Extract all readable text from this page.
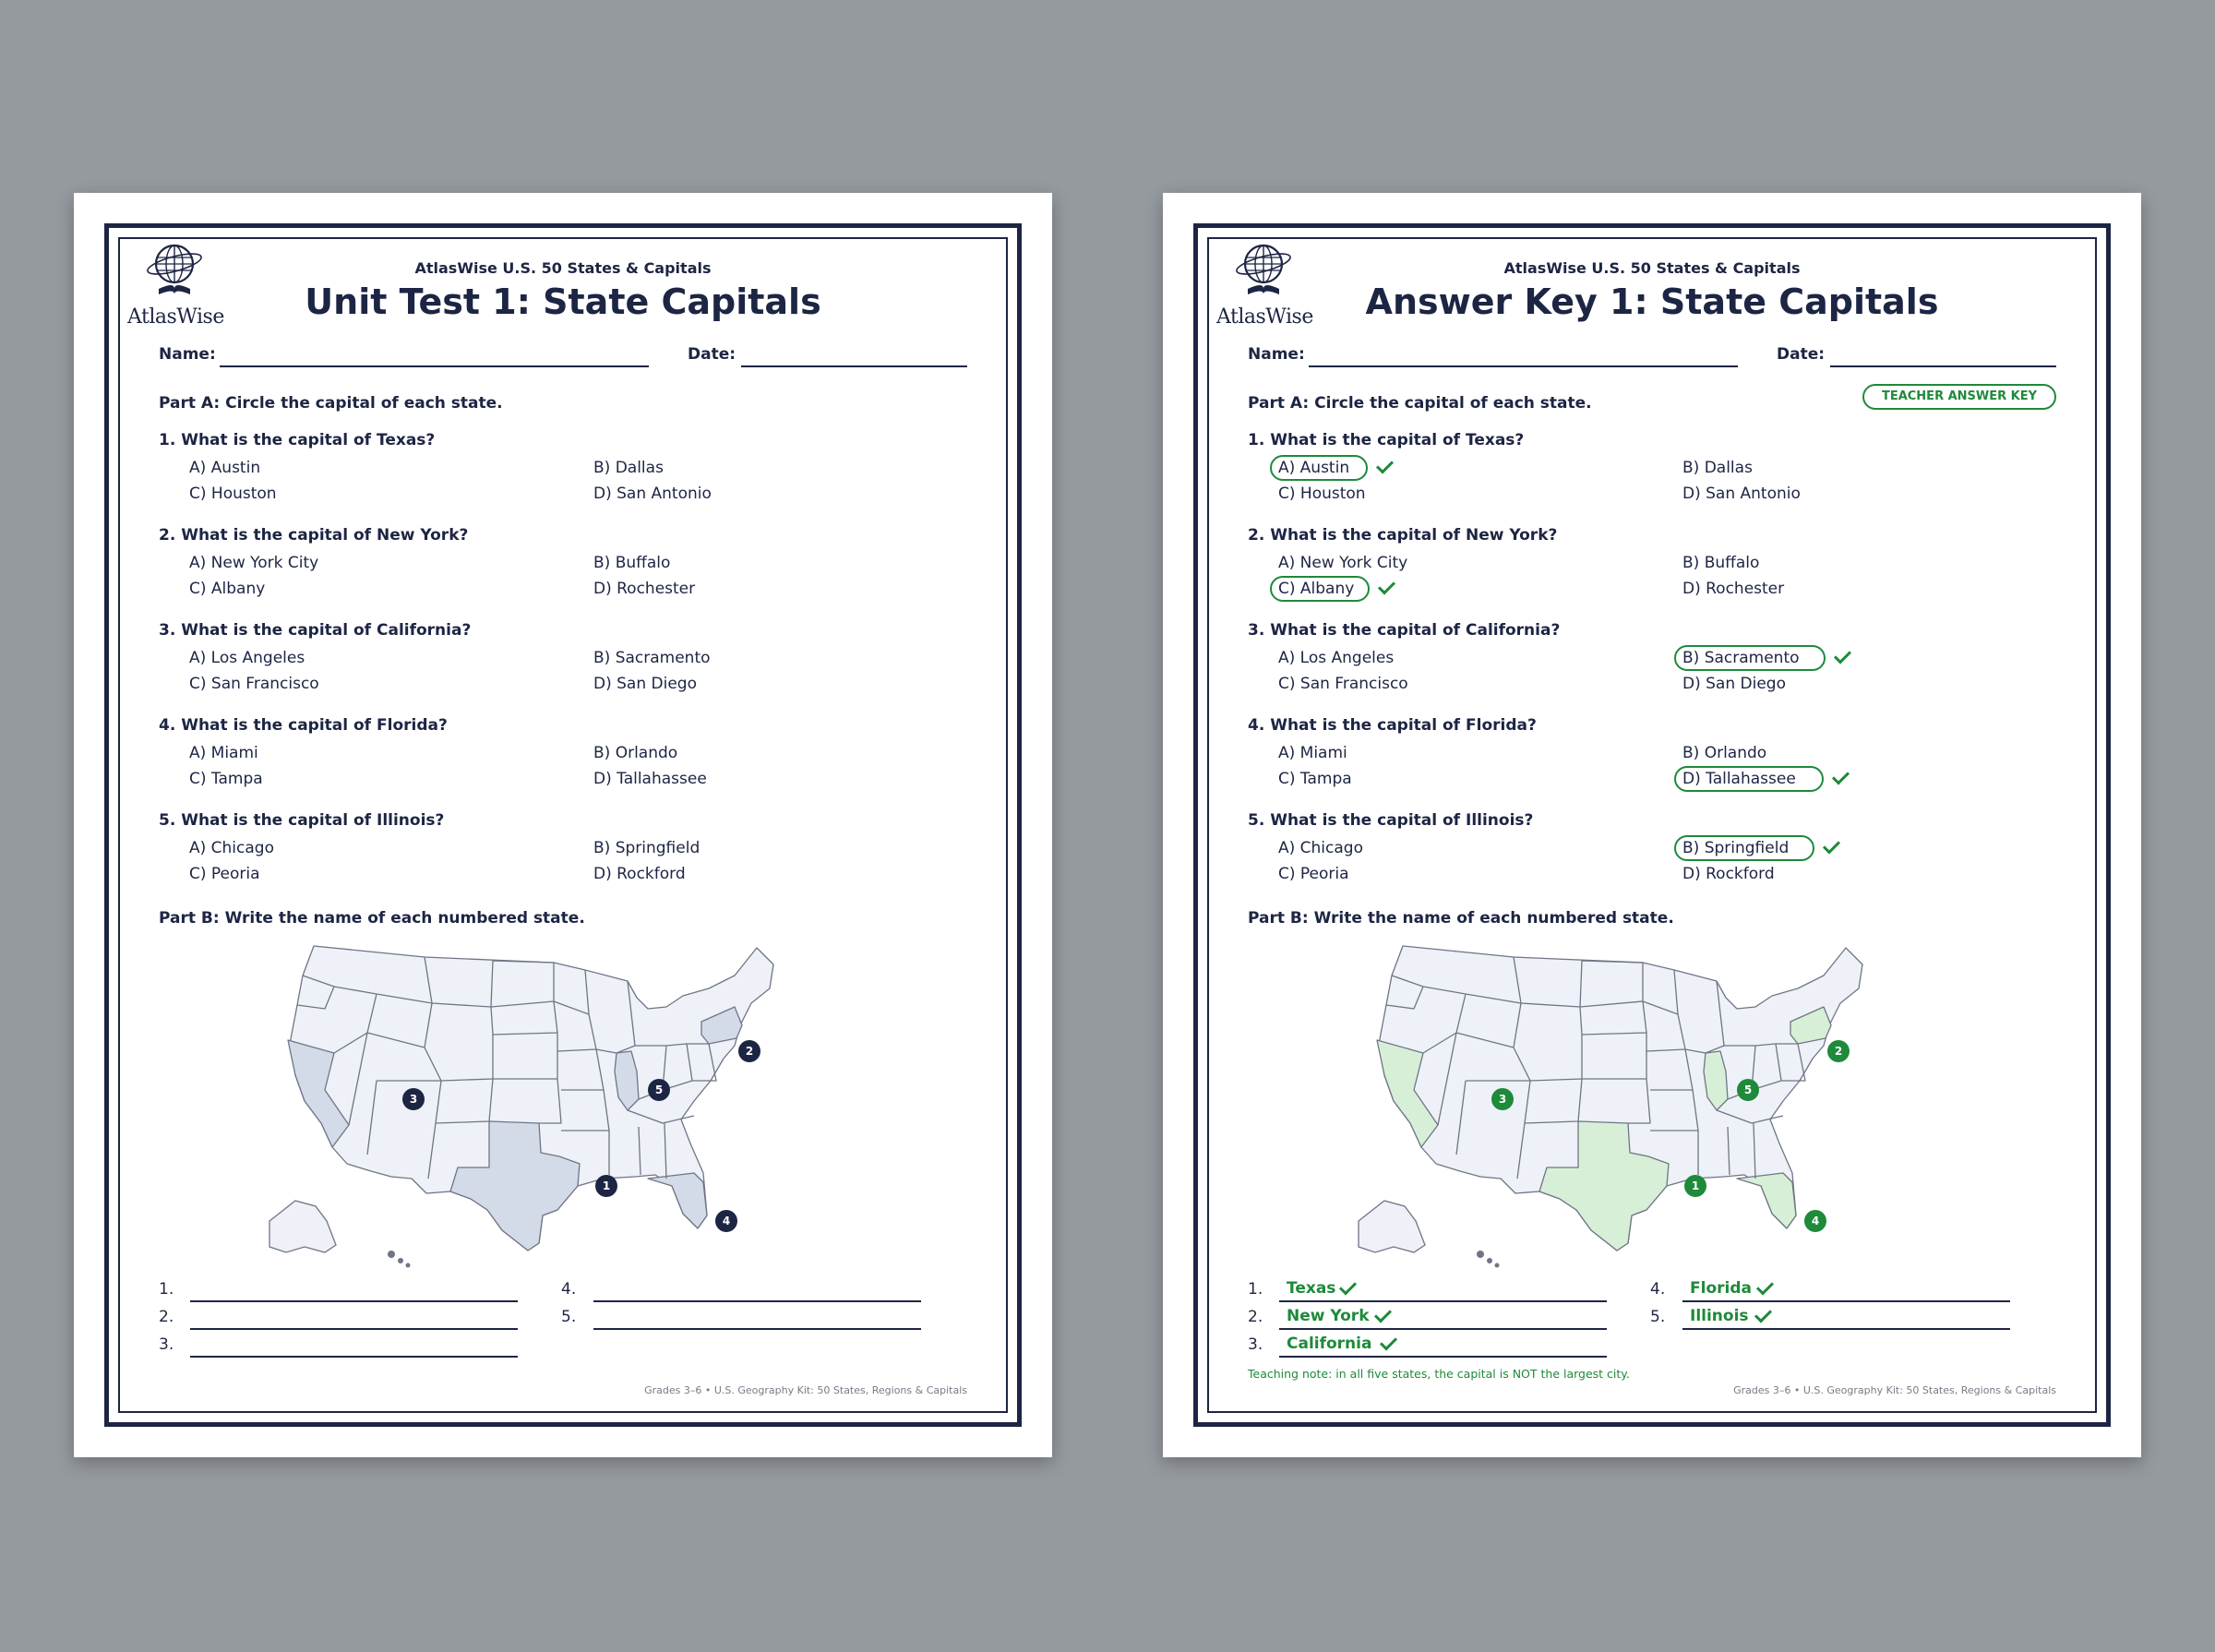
AtlasWise
AtlasWise U.S. 50 States & Capitals
Unit Test 1: State Capitals
Name:	Date:
Part A: Circle the capital of each state.
1. What is the capital of Texas?
A) Austin	B) Dallas
C) Houston	D) San Antonio
2. What is the capital of New York?
A) New York City	B) Buffalo
C) Albany	D) Rochester
3. What is the capital of California?
A) Los Angeles	B) Sacramento
C) San Francisco	D) San Diego
4. What is the capital of Florida?
A) Miami	B) Orlando
C) Tampa	D) Tallahassee
5. What is the capital of Illinois?
A) Chicago	B) Springfield
C) Peoria	D) Rockford
Part B: Write the name of each numbered state.
1
2
3
4
5
1.
2.
3.
4.
5.
Grades 3–6 • U.S. Geography Kit: 50 States, Regions & Capitals
AtlasWise
AtlasWise U.S. 50 States & Capitals
Answer Key 1: State Capitals
Name:	Date:
Part A: Circle the capital of each state.	TEACHER ANSWER KEY
1. What is the capital of Texas?
A) Austin	B) Dallas
C) Houston	D) San Antonio
2. What is the capital of New York?
A) New York City	B) Buffalo
C) Albany	D) Rochester
3. What is the capital of California?
A) Los Angeles	B) Sacramento
C) San Francisco	D) San Diego
4. What is the capital of Florida?
A) Miami	B) Orlando
C) Tampa	D) Tallahassee
5. What is the capital of Illinois?
A) Chicago	B) Springfield
C) Peoria	D) Rockford
Part B: Write the name of each numbered state.
1
2
3
4
5
1. Texas
2. New York
3. California
4. Florida
5. Illinois
Teaching note: in all five states, the capital is NOT the largest city.
Grades 3–6 • U.S. Geography Kit: 50 States, Regions & Capitals
